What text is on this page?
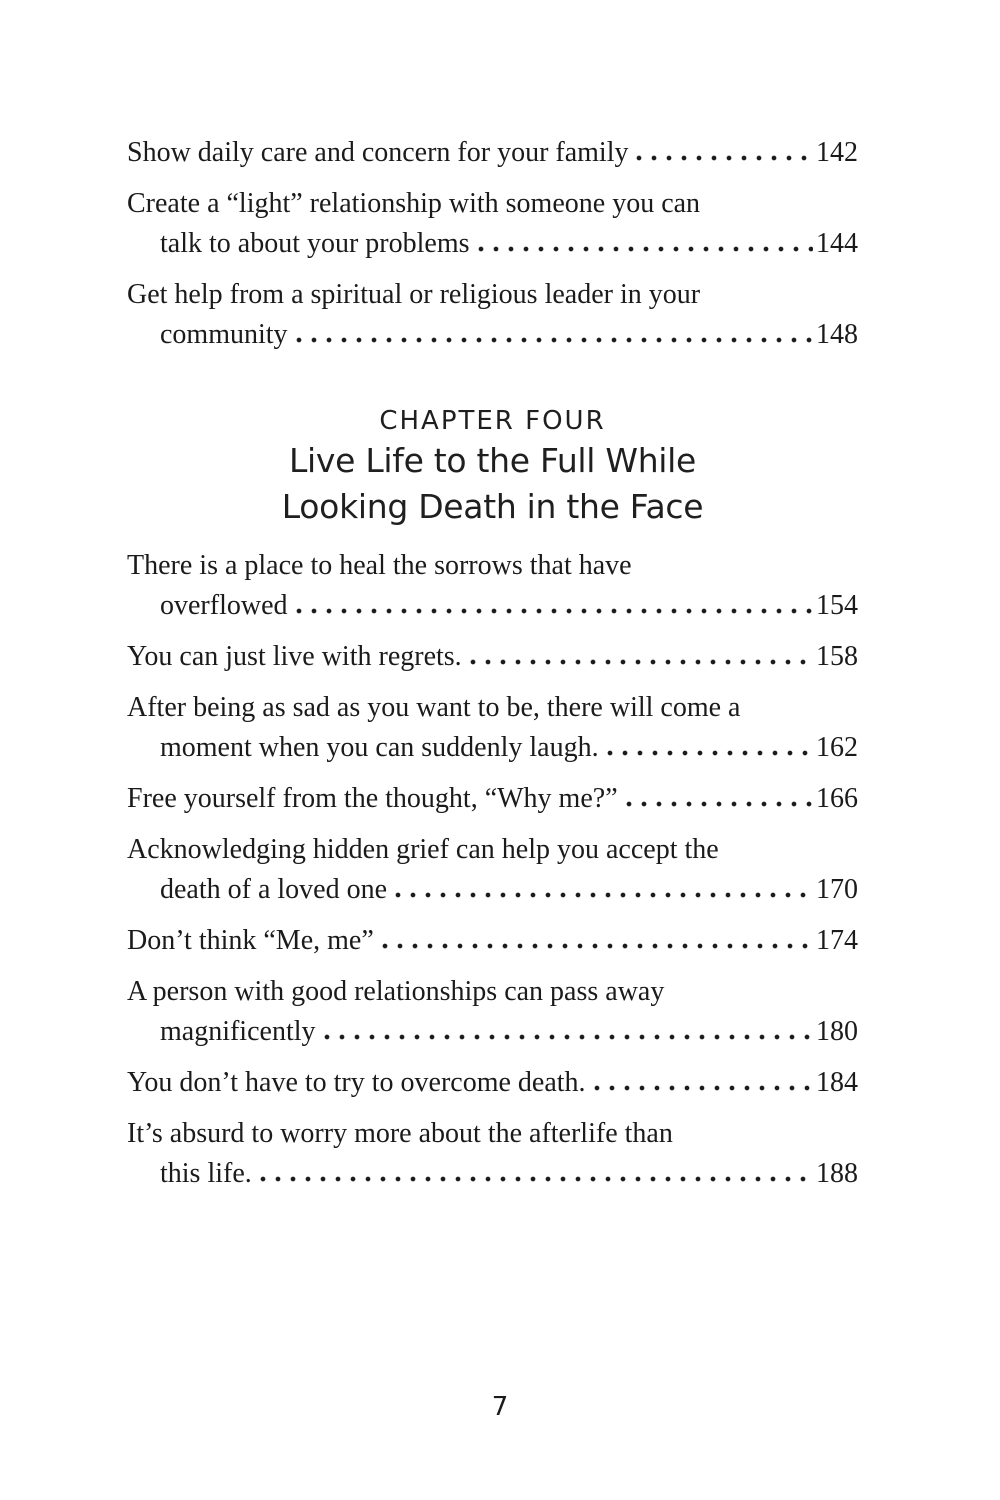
Show daily care and concern for your family	142
Create a “light” relationship with someone you can
talk to about your problems	144
Get help from a spiritual or religious leader in your
community	148
CHAPTER FOUR
Live Life to the Full While
Looking Death in the Face
There is a place to heal the sorrows that have
overflowed	154
You can just live with regrets.	158
After being as sad as you want to be, there will come a
moment when you can suddenly laugh.	162
Free yourself from the thought, “Why me?”	166
Acknowledging hidden grief can help you accept the
death of a loved one	170
Don’t think “Me, me”	174
A person with good relationships can pass away
magnificently	180
You don’t have to try to overcome death.	184
It’s absurd to worry more about the afterlife than
this life.	188
7
